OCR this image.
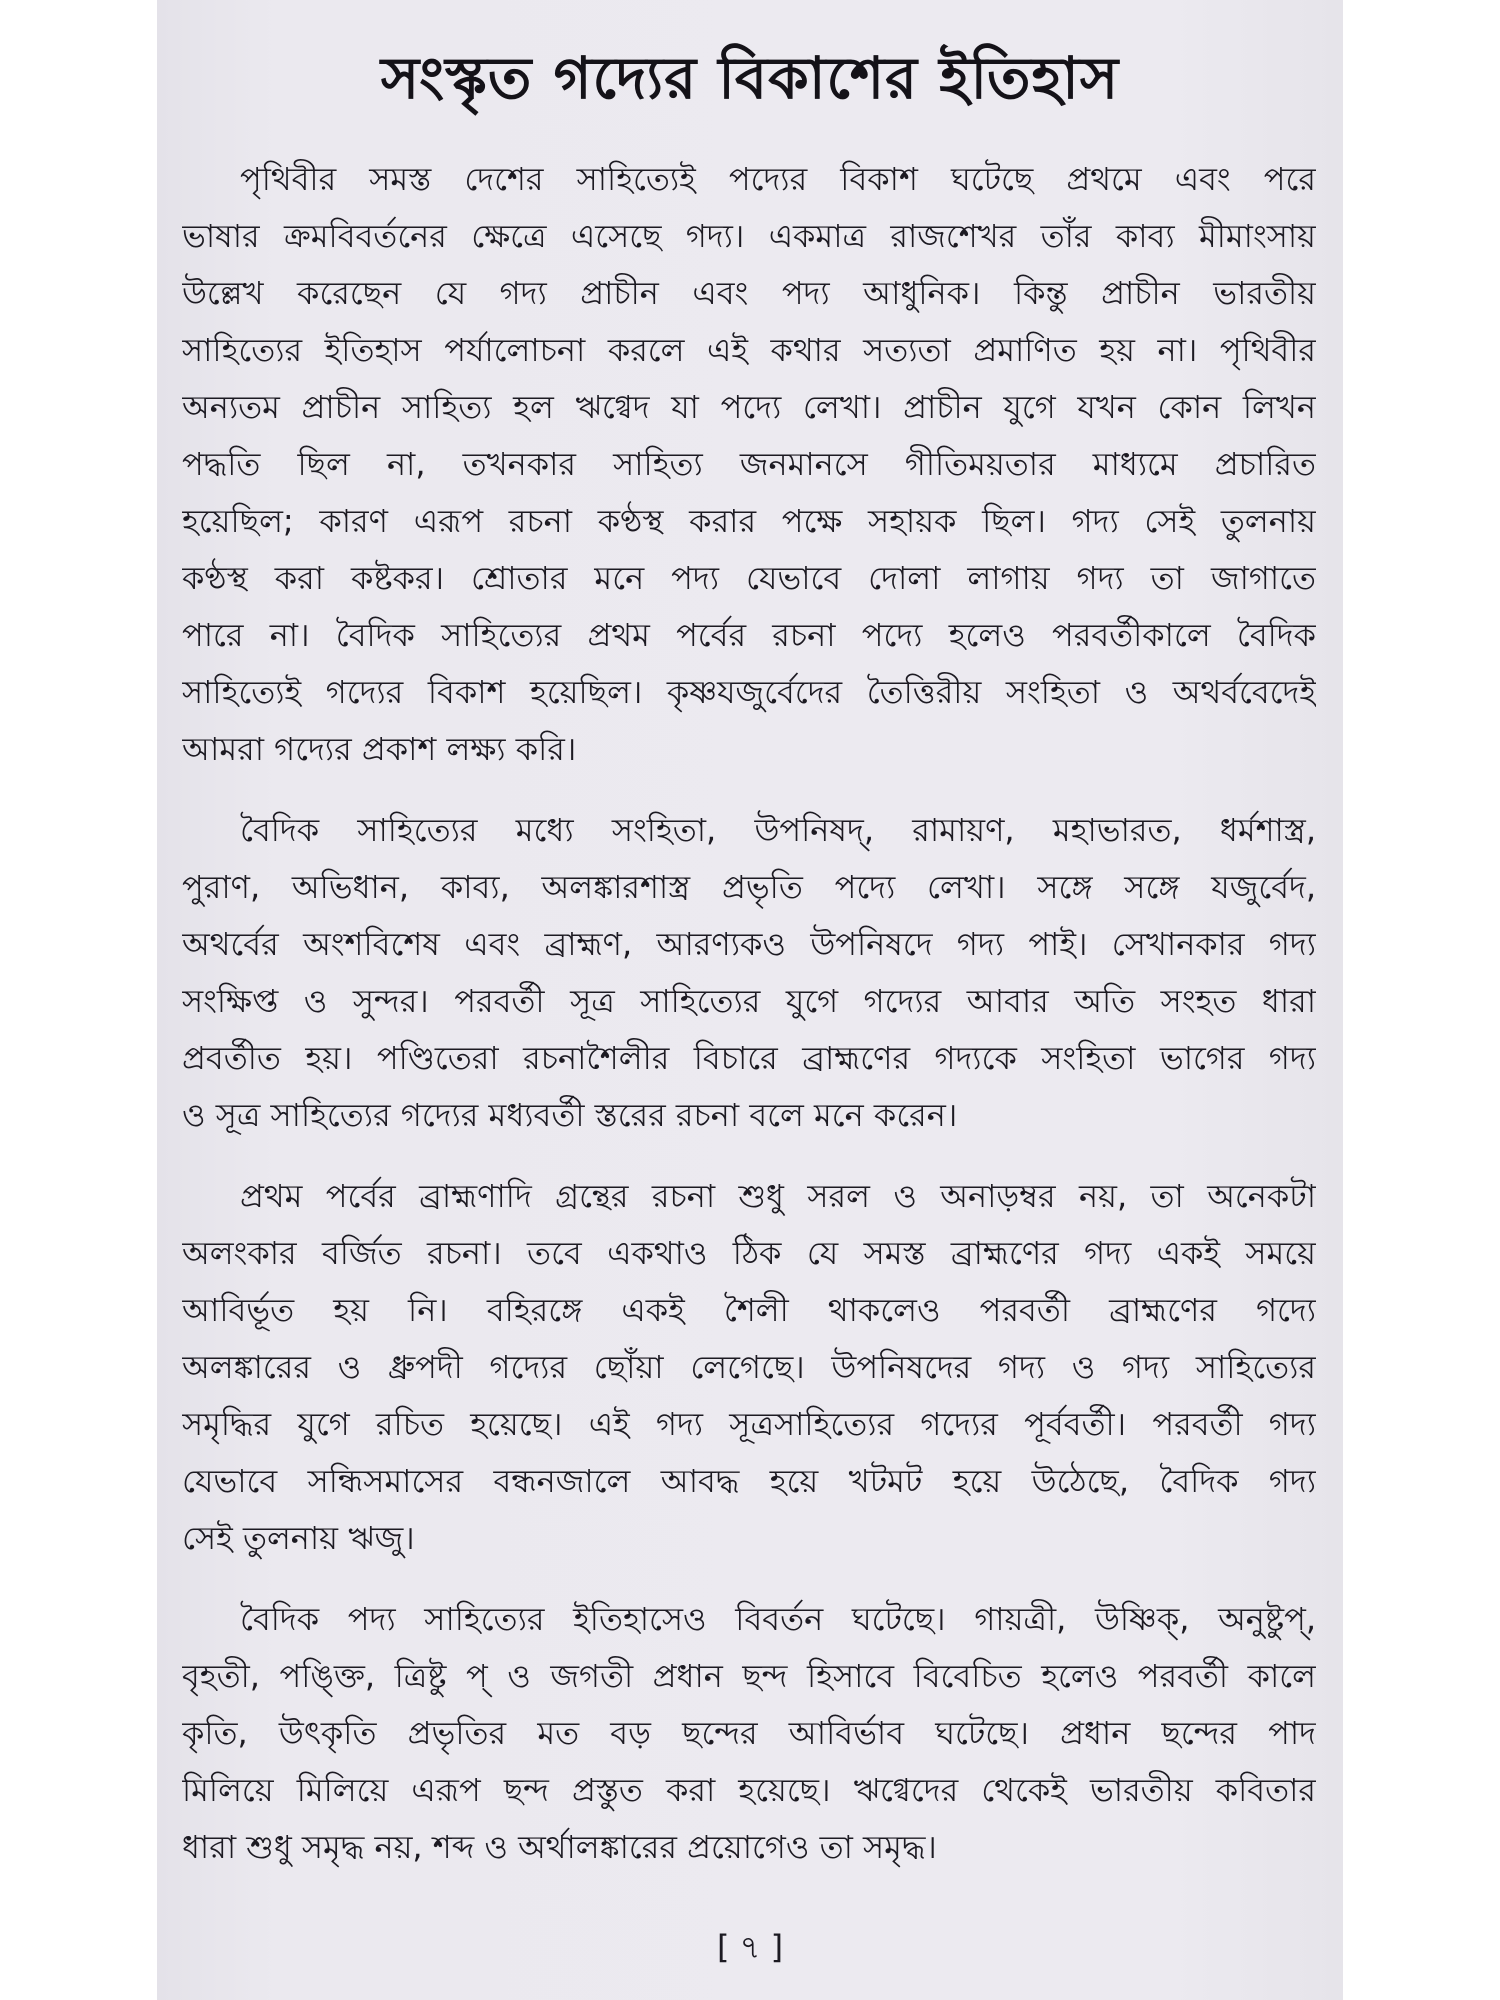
সংস্কৃত গদ্যের বিকাশের ইতিহাস
পৃথিবীর সমস্ত দেশের সাহিত্যেই পদ্যের বিকাশ ঘটেছে প্রথমে এবং পরে
ভাষার ক্রমবিবর্তনের ক্ষেত্রে এসেছে গদ্য। একমাত্র রাজশেখর তাঁর কাব্য মীমাংসায়
উল্লেখ করেছেন যে গদ্য প্রাচীন এবং পদ্য আধুনিক। কিন্তু প্রাচীন ভারতীয়
সাহিত্যের ইতিহাস পর্যালোচনা করলে এই কথার সত্যতা প্রমাণিত হয় না। পৃথিবীর
অন্যতম প্রাচীন সাহিত্য হল ঋগ্বেদ যা পদ্যে লেখা। প্রাচীন যুগে যখন কোন লিখন
পদ্ধতি ছিল না, তখনকার সাহিত্য জনমানসে গীতিময়তার মাধ্যমে প্রচারিত
হয়েছিল; কারণ এরূপ রচনা কণ্ঠস্থ করার পক্ষে সহায়ক ছিল। গদ্য সেই তুলনায়
কণ্ঠস্থ করা কষ্টকর। শ্রোতার মনে পদ্য যেভাবে দোলা লাগায় গদ্য তা জাগাতে
পারে না। বৈদিক সাহিত্যের প্রথম পর্বের রচনা পদ্যে হলেও পরবর্তীকালে বৈদিক
সাহিত্যেই গদ্যের বিকাশ হয়েছিল। কৃষ্ণযজুর্বেদের তৈত্তিরীয় সংহিতা ও অথর্ববেদেই
আমরা গদ্যের প্রকাশ লক্ষ্য করি।
বৈদিক সাহিত্যের মধ্যে সংহিতা, উপনিষদ্, রামায়ণ, মহাভারত, ধর্মশাস্ত্র,
পুরাণ, অভিধান, কাব্য, অলঙ্কারশাস্ত্র প্রভৃতি পদ্যে লেখা। সঙ্গে সঙ্গে যজুর্বেদ,
অথর্বের অংশবিশেষ এবং ব্রাহ্মণ, আরণ্যকও উপনিষদে গদ্য পাই। সেখানকার গদ্য
সংক্ষিপ্ত ও সুন্দর। পরবর্তী সূত্র সাহিত্যের যুগে গদ্যের আবার অতি সংহত ধারা
প্রবর্তীত হয়। পণ্ডিতেরা রচনাশৈলীর বিচারে ব্রাহ্মণের গদ্যকে সংহিতা ভাগের গদ্য
ও সূত্র সাহিত্যের গদ্যের মধ্যবর্তী স্তরের রচনা বলে মনে করেন।
প্রথম পর্বের ব্রাহ্মণাদি গ্রন্থের রচনা শুধু সরল ও অনাড়ম্বর নয়, তা অনেকটা
অলংকার বর্জিত রচনা। তবে একথাও ঠিক যে সমস্ত ব্রাহ্মণের গদ্য একই সময়ে
আবির্ভূত হয় নি। বহিরঙ্গে একই শৈলী থাকলেও পরবর্তী ব্রাহ্মণের গদ্যে
অলঙ্কারের ও ধ্রুপদী গদ্যের ছোঁয়া লেগেছে। উপনিষদের গদ্য ও গদ্য সাহিত্যের
সমৃদ্ধির যুগে রচিত হয়েছে। এই গদ্য সূত্রসাহিত্যের গদ্যের পূর্ববর্তী। পরবর্তী গদ্য
যেভাবে সন্ধিসমাসের বন্ধনজালে আবদ্ধ হয়ে খটমট হয়ে উঠেছে, বৈদিক গদ্য
সেই তুলনায় ঋজু।
বৈদিক পদ্য সাহিত্যের ইতিহাসেও বিবর্তন ঘটেছে। গায়ত্রী, উষ্ণিক্, অনুষ্টুপ্,
বৃহতী, পঙ্ক্তি, ত্রিষ্টু প্ ও জগতী প্রধান ছন্দ হিসাবে বিবেচিত হলেও পরবর্তী কালে
কৃতি, উৎকৃতি প্রভৃতির মত বড় ছন্দের আবির্ভাব ঘটেছে। প্রধান ছন্দের পাদ
মিলিয়ে মিলিয়ে এরূপ ছন্দ প্রস্তুত করা হয়েছে। ঋগ্বেদের থেকেই ভারতীয় কবিতার
ধারা শুধু সমৃদ্ধ নয়, শব্দ ও অর্থালঙ্কারের প্রয়োগেও তা সমৃদ্ধ।
[ ৭ ]
